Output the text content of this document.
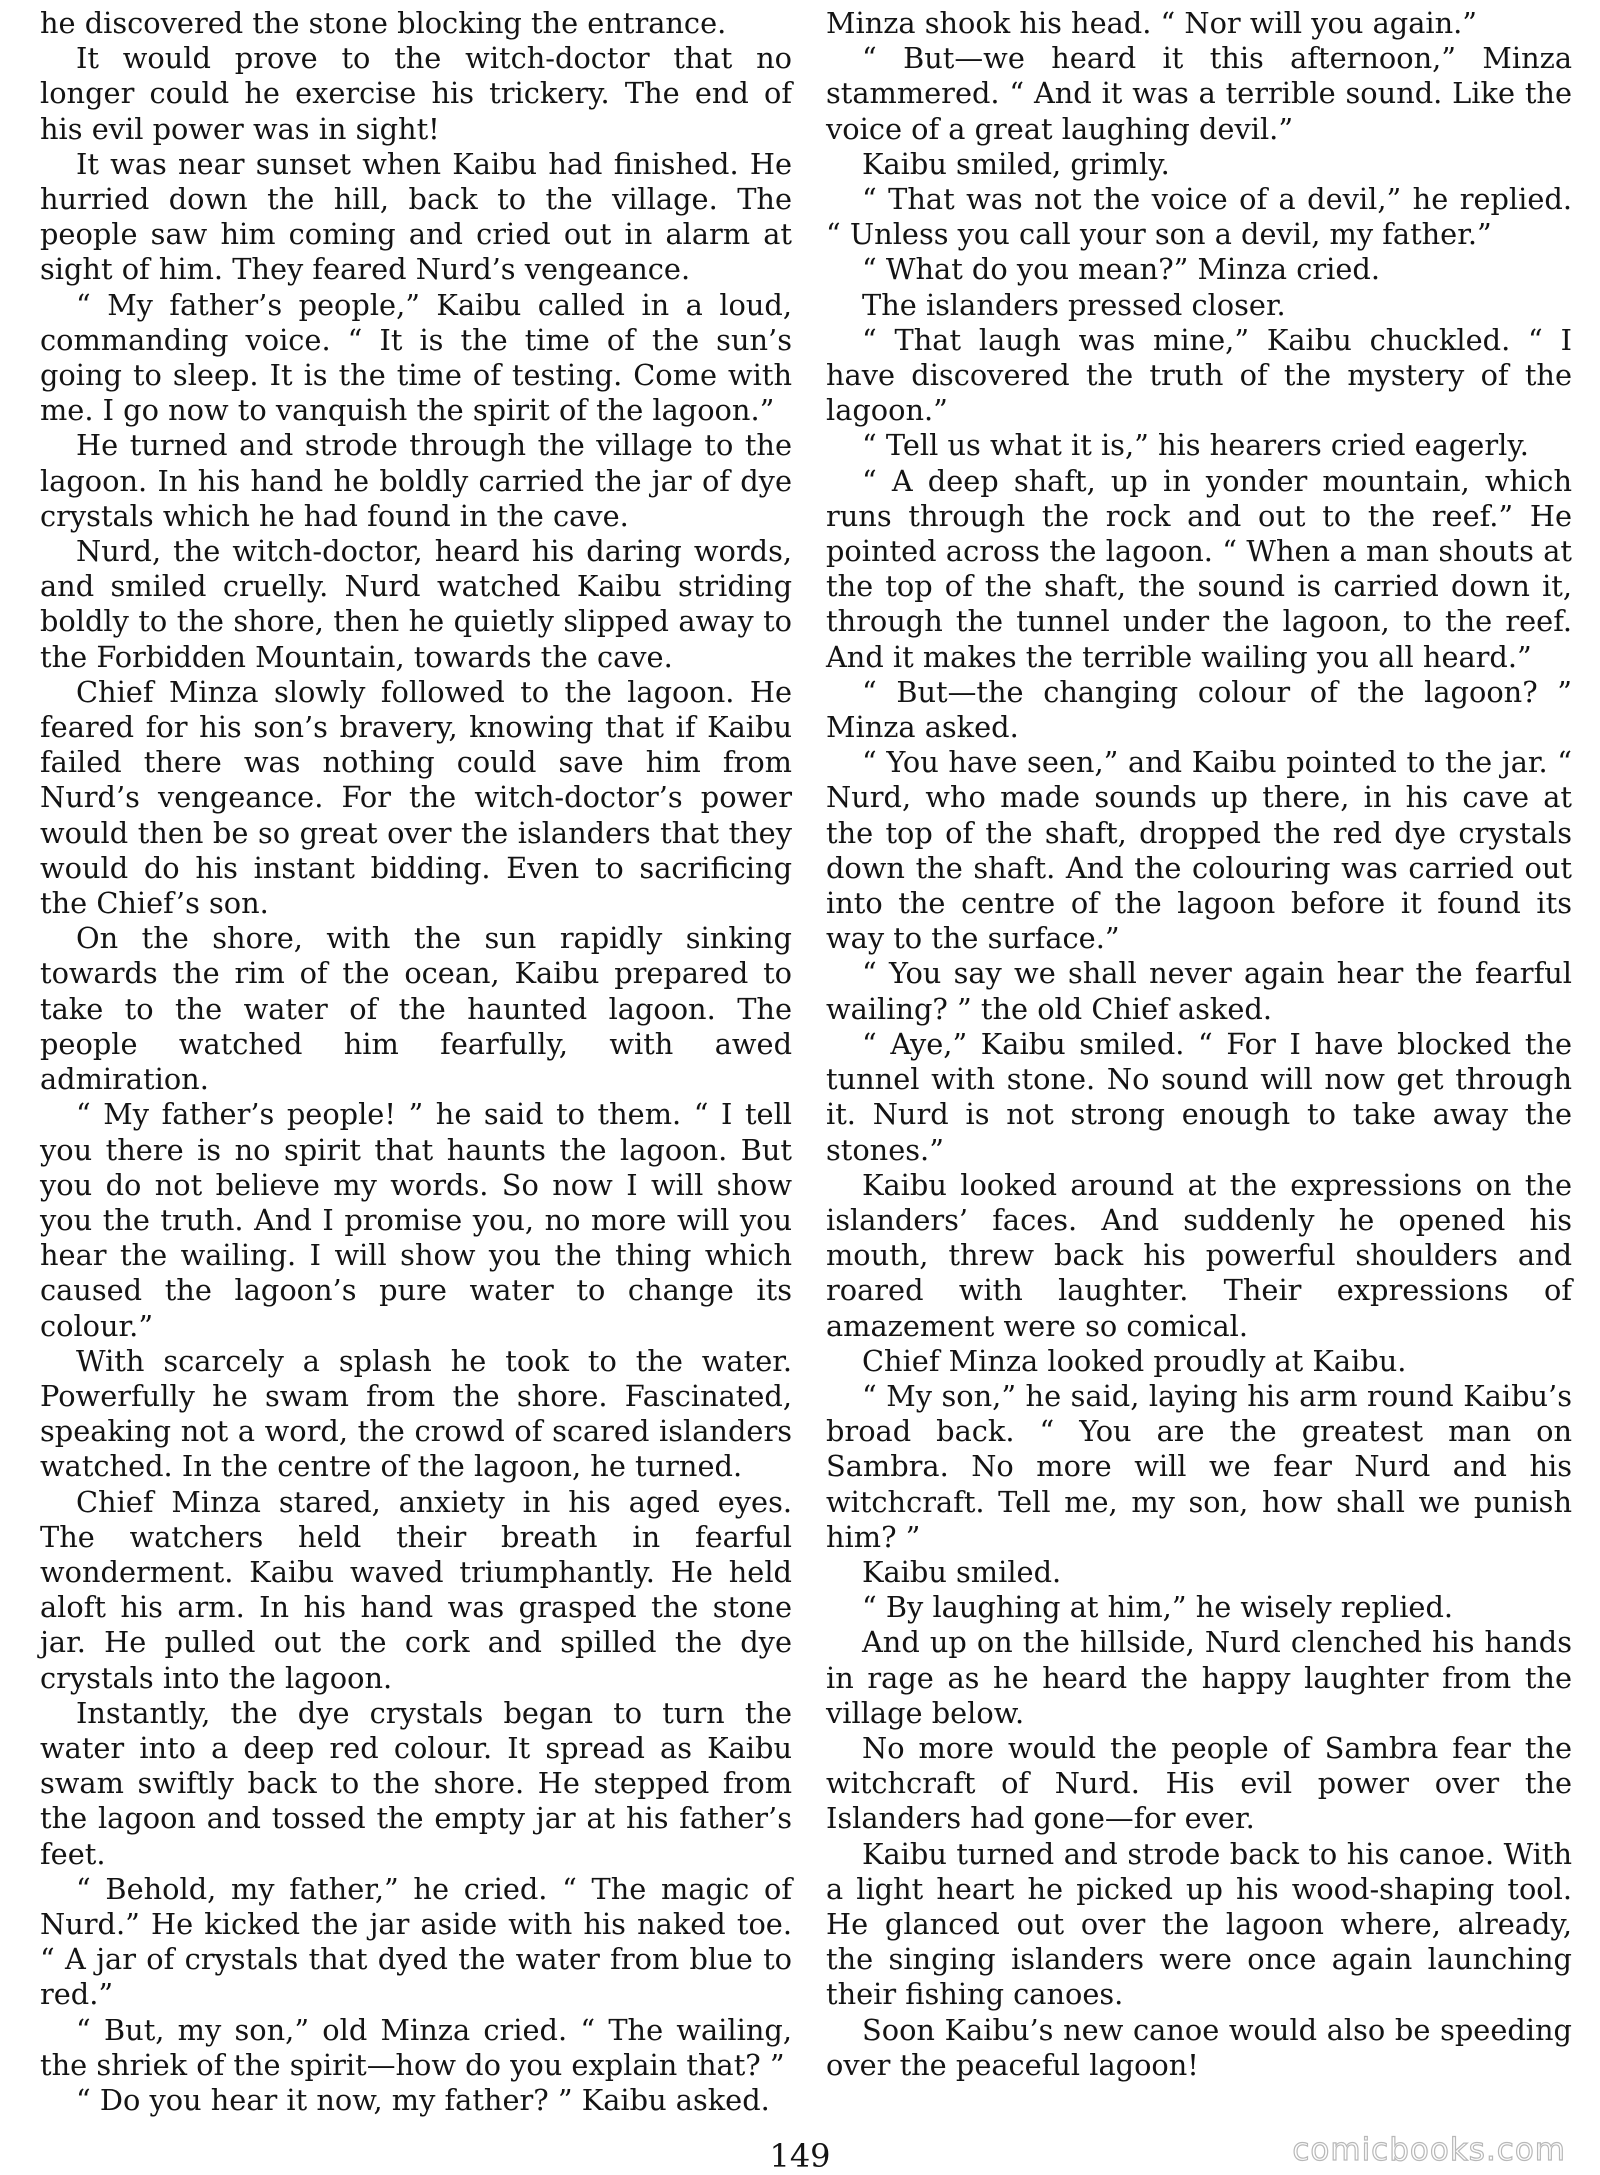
he discovered the stone blocking the entrance.

It would prove to the witch-doctor that no longer could he exercise his trickery. The end of his evil power was in sight!

It was near sunset when Kaibu had finished. He hurried down the hill, back to the village. The people saw him coming and cried out in alarm at sight of him. They feared Nurd’s vengeance.

“ My father’s people,” Kaibu called in a loud, commanding voice. “ It is the time of the sun’s going to sleep. It is the time of testing. Come with me. I go now to vanquish the spirit of the lagoon.”

He turned and strode through the village to the lagoon. In his hand he boldly carried the jar of dye crystals which he had found in the cave.

Nurd, the witch-doctor, heard his daring words, and smiled cruelly. Nurd watched Kaibu striding boldly to the shore, then he quietly slipped away to the Forbidden Mountain, towards the cave.

Chief Minza slowly followed to the lagoon. He feared for his son’s bravery, knowing that if Kaibu failed there was nothing could save him from Nurd’s vengeance. For the witch-doctor’s power would then be so great over the islanders that they would do his instant bidding. Even to sacrificing the Chief’s son.

On the shore, with the sun rapidly sinking towards the rim of the ocean, Kaibu prepared to take to the water of the haunted lagoon. The people watched him fearfully, with awed admiration.

“ My father’s people! ” he said to them. “ I tell you there is no spirit that haunts the lagoon. But you do not believe my words. So now I will show you the truth. And I promise you, no more will you hear the wailing. I will show you the thing which caused the lagoon’s pure water to change its colour.”

With scarcely a splash he took to the water. Powerfully he swam from the shore. Fascinated, speaking not a word, the crowd of scared islanders watched. In the centre of the lagoon, he turned.

Chief Minza stared, anxiety in his aged eyes. The watchers held their breath in fearful wonderment. Kaibu waved triumphantly. He held aloft his arm. In his hand was grasped the stone jar. He pulled out the cork and spilled the dye crystals into the lagoon.

Instantly, the dye crystals began to turn the water into a deep red colour. It spread as Kaibu swam swiftly back to the shore. He stepped from the lagoon and tossed the empty jar at his father’s feet.

“ Behold, my father,” he cried. “ The magic of Nurd.” He kicked the jar aside with his naked toe. “ A jar of crystals that dyed the water from blue to red.”

“ But, my son,” old Minza cried. “ The wailing, the shriek of the spirit—how do you explain that? ”

“ Do you hear it now, my father? ” Kaibu asked.

Minza shook his head. “ Nor will you again.”

“ But—we heard it this afternoon,” Minza stammered. “ And it was a terrible sound. Like the voice of a great laughing devil.”

Kaibu smiled, grimly.

“ That was not the voice of a devil,” he replied. “ Unless you call your son a devil, my father.”

“ What do you mean?” Minza cried.

The islanders pressed closer.

“ That laugh was mine,” Kaibu chuckled. “ I have discovered the truth of the mystery of the lagoon.”

“ Tell us what it is,” his hearers cried eagerly.

“ A deep shaft, up in yonder mountain, which runs through the rock and out to the reef.” He pointed across the lagoon. “ When a man shouts at the top of the shaft, the sound is carried down it, through the tunnel under the lagoon, to the reef. And it makes the terrible wailing you all heard.”

“ But—the changing colour of the lagoon? ” Minza asked.

“ You have seen,” and Kaibu pointed to the jar. “ Nurd, who made sounds up there, in his cave at the top of the shaft, dropped the red dye crystals down the shaft. And the colouring was carried out into the centre of the lagoon before it found its way to the surface.”

“ You say we shall never again hear the fearful wailing? ” the old Chief asked.

“ Aye,” Kaibu smiled. “ For I have blocked the tunnel with stone. No sound will now get through it. Nurd is not strong enough to take away the stones.”

Kaibu looked around at the expressions on the islanders’ faces. And suddenly he opened his mouth, threw back his powerful shoulders and roared with laughter. Their expressions of amazement were so comical.

Chief Minza looked proudly at Kaibu.

“ My son,” he said, laying his arm round Kaibu’s broad back. “ You are the greatest man on Sambra. No more will we fear Nurd and his witchcraft. Tell me, my son, how shall we punish him? ”

Kaibu smiled.

“ By laughing at him,” he wisely replied.

And up on the hillside, Nurd clenched his hands in rage as he heard the happy laughter from the village below.

No more would the people of Sambra fear the witchcraft of Nurd. His evil power over the Islanders had gone—for ever.

Kaibu turned and strode back to his canoe. With a light heart he picked up his wood-shaping tool. He glanced out over the lagoon where, already, the singing islanders were once again launching their fishing canoes.

Soon Kaibu’s new canoe would also be speeding over the peaceful lagoon!

comicbooks.com
149
